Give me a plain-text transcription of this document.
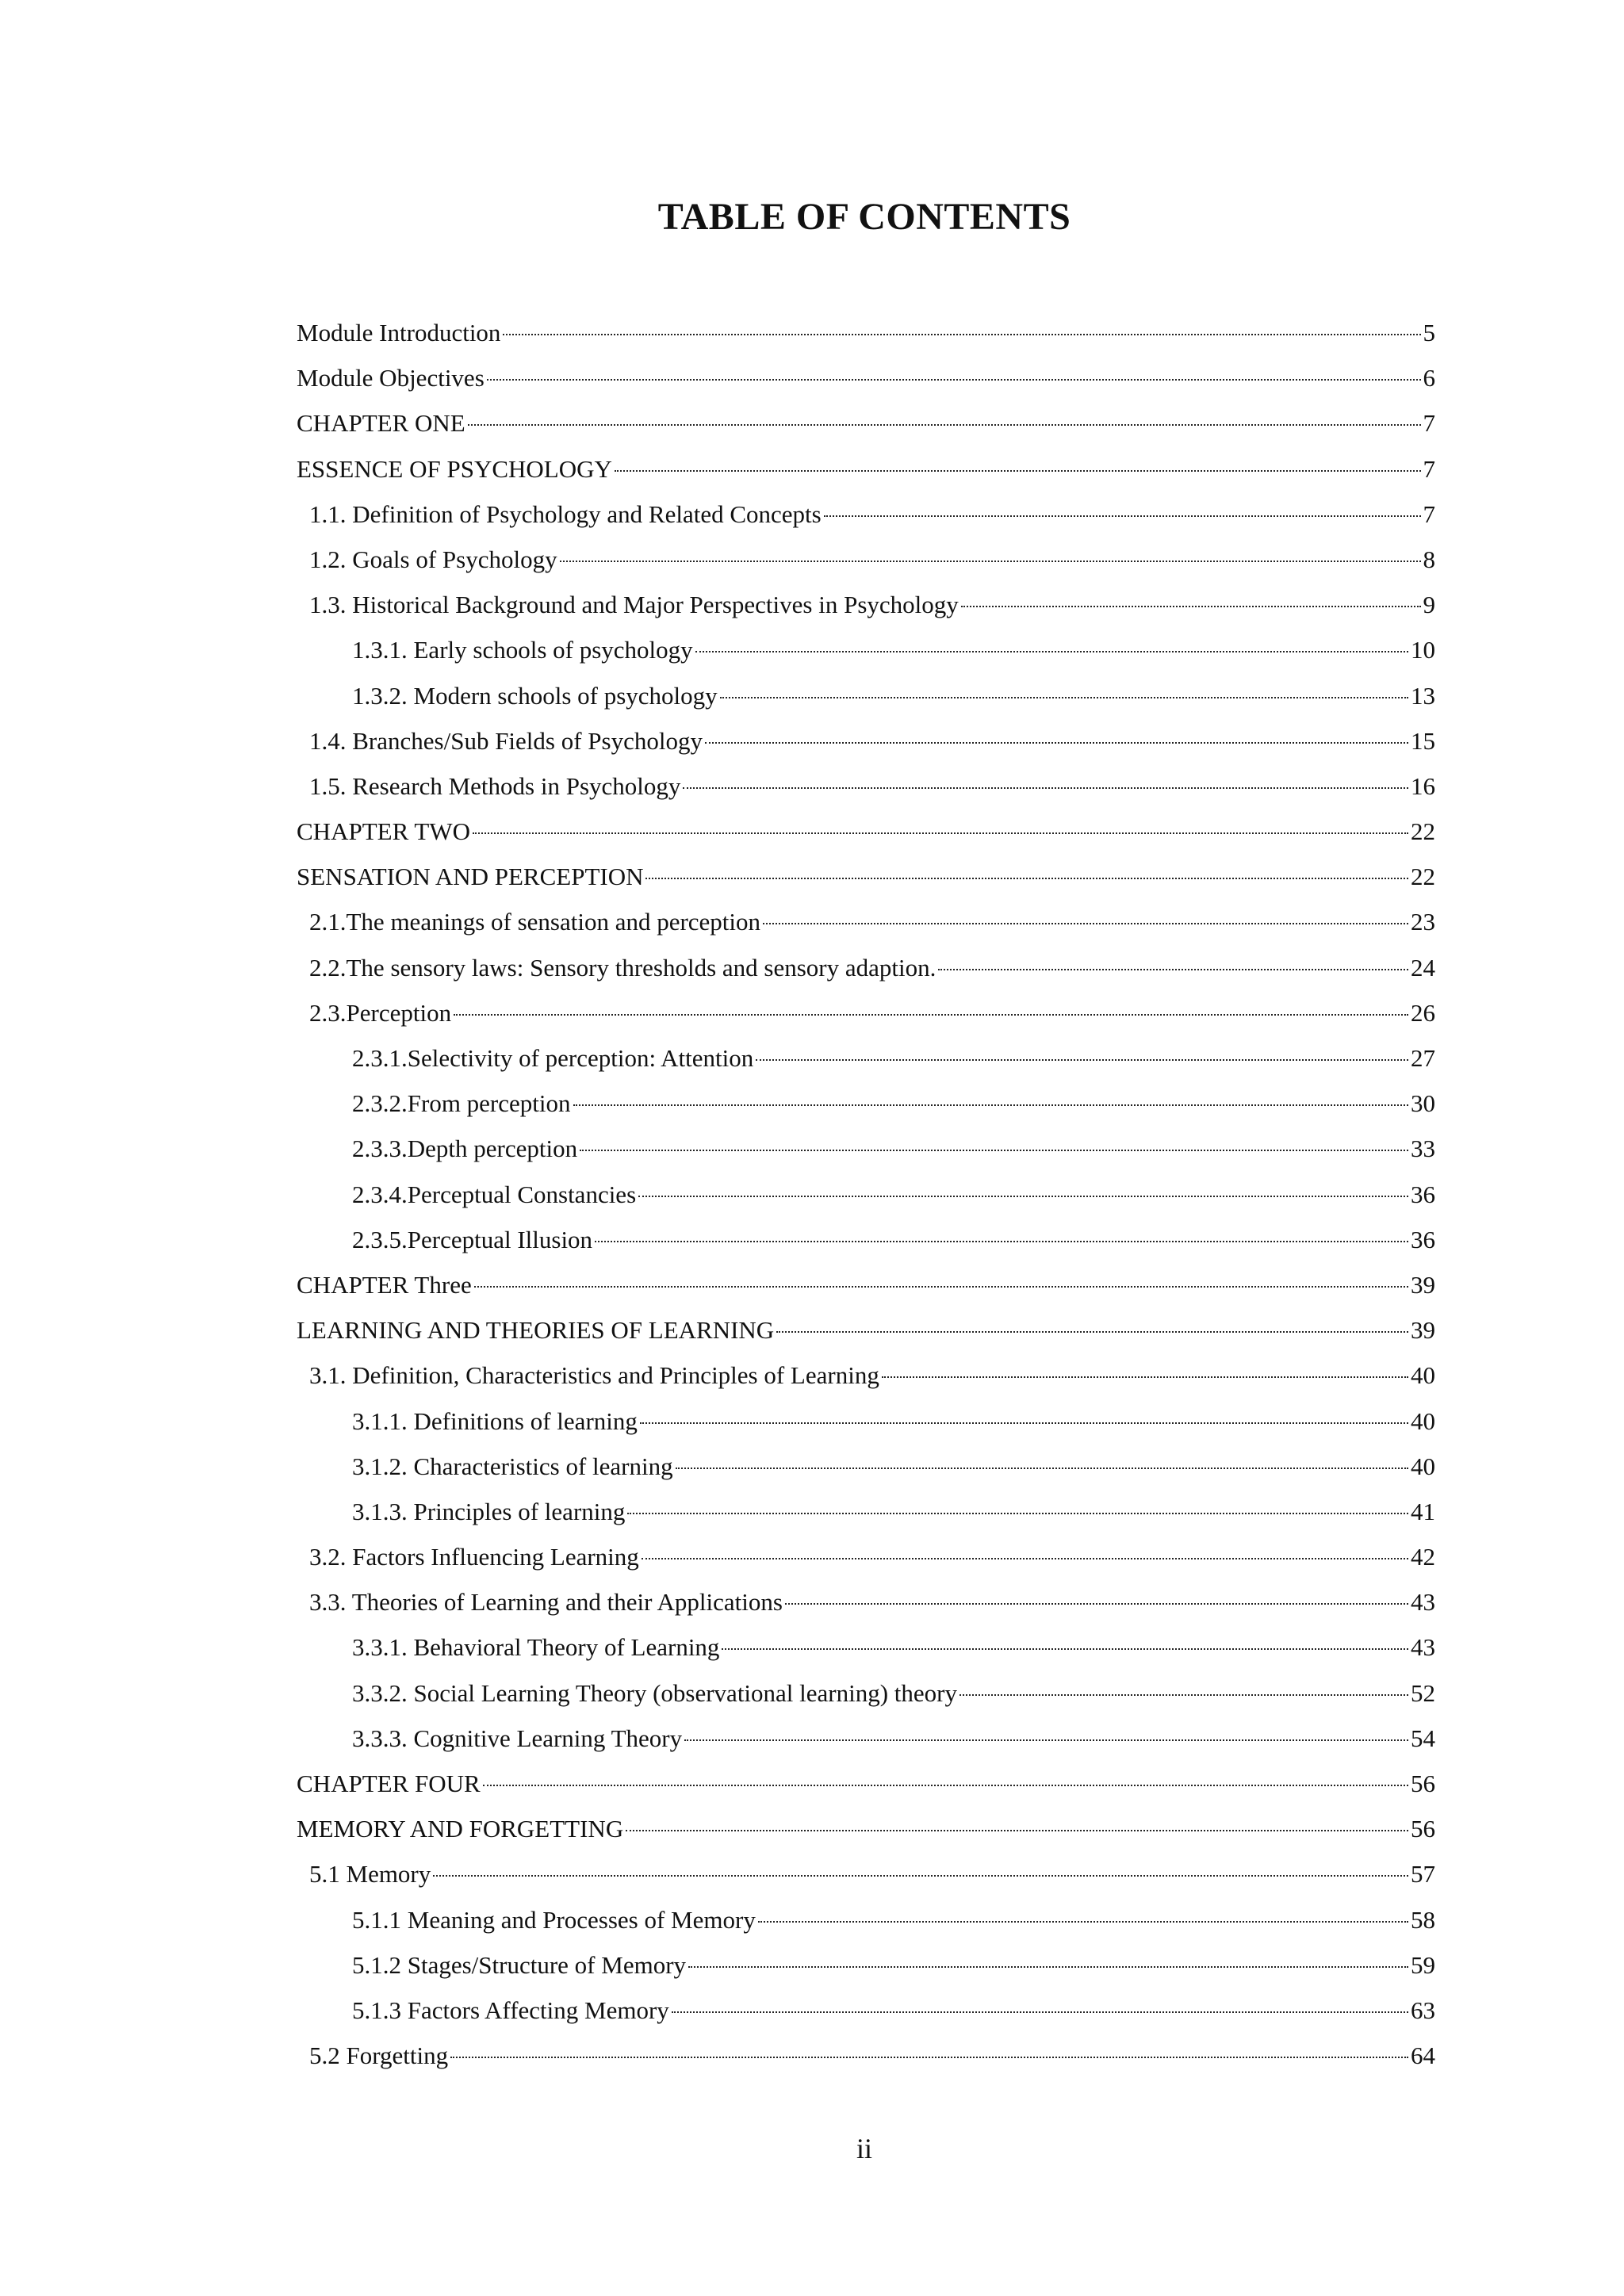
TABLE OF CONTENTS
Module Introduction	5
Module Objectives	6
CHAPTER ONE	7
ESSENCE OF PSYCHOLOGY	7
1.1. Definition of Psychology and Related Concepts	7
1.2. Goals of Psychology	8
1.3. Historical Background and Major Perspectives in Psychology	9
1.3.1. Early schools of psychology	10
1.3.2. Modern schools of psychology	13
1.4. Branches/Sub Fields of Psychology	15
1.5. Research Methods in Psychology	16
CHAPTER TWO	22
SENSATION AND PERCEPTION	22
2.1.The meanings of sensation and perception	23
2.2.The sensory laws: Sensory thresholds and sensory adaption.	24
2.3.Perception	26
2.3.1.Selectivity of perception: Attention	27
2.3.2.From perception	30
2.3.3.Depth perception	33
2.3.4.Perceptual Constancies	36
2.3.5.Perceptual Illusion	36
CHAPTER Three	39
LEARNING AND THEORIES OF LEARNING	39
3.1. Definition, Characteristics and Principles of Learning	40
3.1.1. Definitions of learning	40
3.1.2. Characteristics of learning	40
3.1.3. Principles of learning	41
3.2. Factors Influencing Learning	42
3.3. Theories of Learning and their Applications	43
3.3.1. Behavioral Theory of Learning	43
3.3.2. Social Learning Theory (observational learning) theory	52
3.3.3. Cognitive Learning Theory	54
CHAPTER FOUR	56
MEMORY AND FORGETTING	56
5.1 Memory	57
5.1.1 Meaning and Processes of Memory	58
5.1.2 Stages/Structure of Memory	59
5.1.3 Factors Affecting Memory	63
5.2 Forgetting	64
ii
